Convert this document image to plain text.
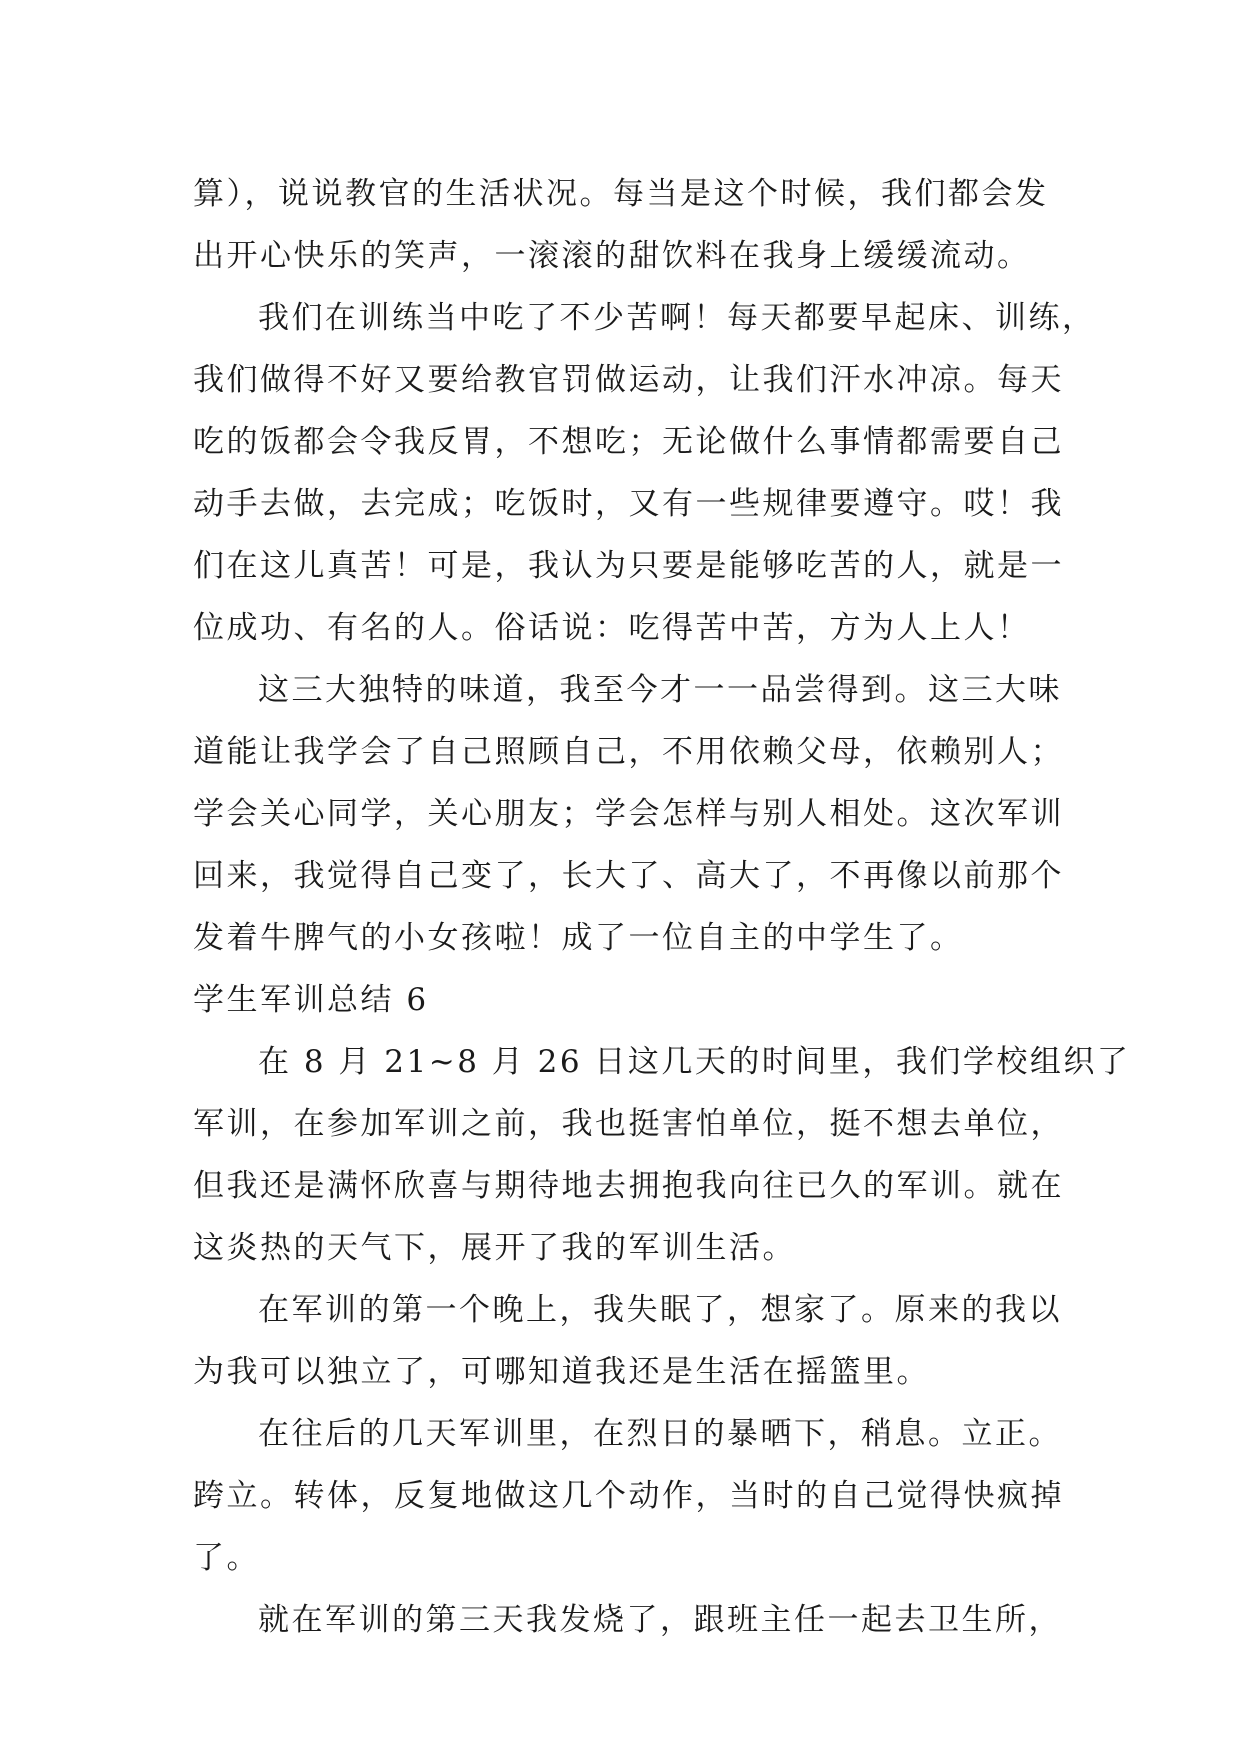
算），说说教官的生活状况。每当是这个时候，我们都会发
出开心快乐的笑声，一滚滚的甜饮料在我身上缓缓流动。
我们在训练当中吃了不少苦啊！每天都要早起床、训练，
我们做得不好又要给教官罚做运动，让我们汗水冲凉。每天
吃的饭都会令我反胃，不想吃；无论做什么事情都需要自己
动手去做，去完成；吃饭时，又有一些规律要遵守。哎！我
们在这儿真苦！可是，我认为只要是能够吃苦的人，就是一
位成功、有名的人。俗话说：吃得苦中苦，方为人上人！
这三大独特的味道，我至今才一一品尝得到。这三大味
道能让我学会了自己照顾自己，不用依赖父母，依赖别人；
学会关心同学，关心朋友；学会怎样与别人相处。这次军训
回来，我觉得自己变了，长大了、高大了，不再像以前那个
发着牛脾气的小女孩啦！成了一位自主的中学生了。
学生军训总结 6
在 8 月 21~8 月 26 日这几天的时间里，我们学校组织了
军训，在参加军训之前，我也挺害怕单位，挺不想去单位，
但我还是满怀欣喜与期待地去拥抱我向往已久的军训。就在
这炎热的天气下，展开了我的军训生活。
在军训的第一个晚上，我失眠了，想家了。原来的我以
为我可以独立了，可哪知道我还是生活在摇篮里。
在往后的几天军训里，在烈日的暴晒下，稍息。立正。
跨立。转体，反复地做这几个动作，当时的自己觉得快疯掉
了。
就在军训的第三天我发烧了，跟班主任一起去卫生所，
